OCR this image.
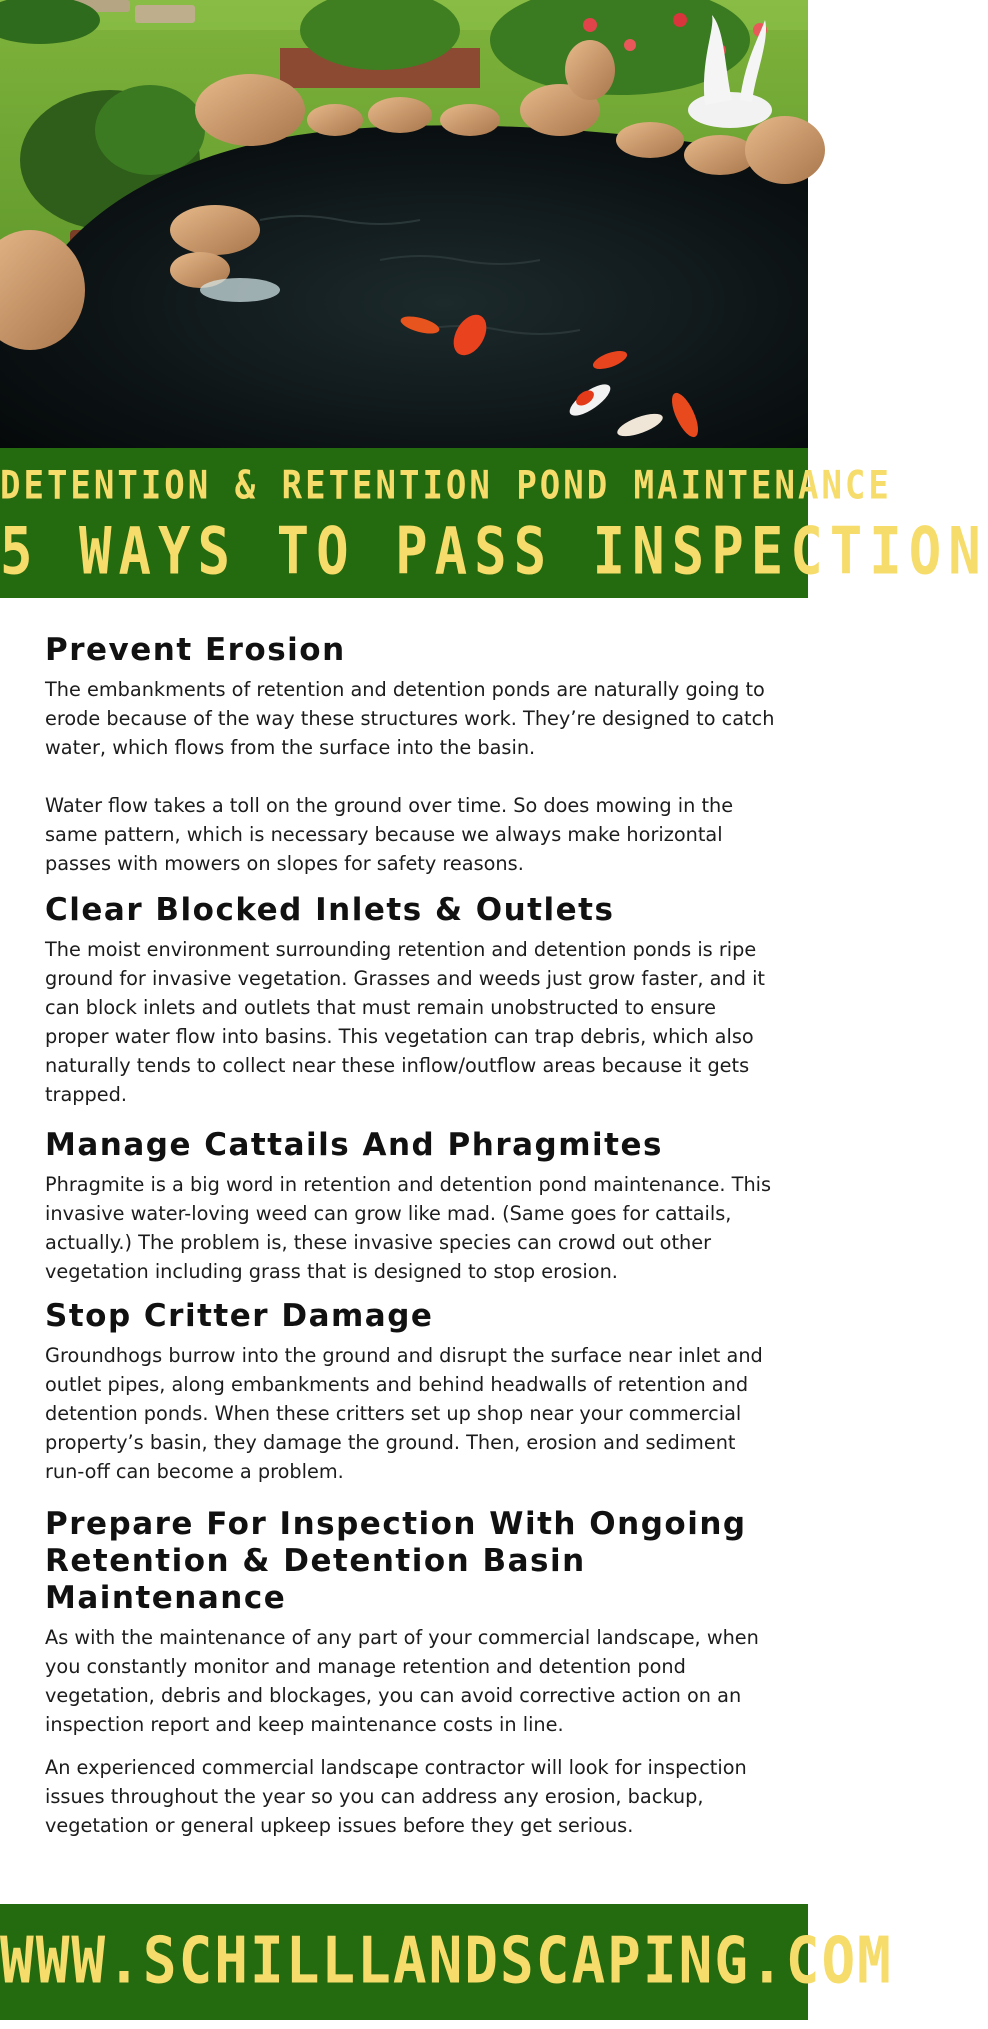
DETENTION & RETENTION POND MAINTENANCE
5 WAYS TO PASS INSPECTION
Prevent Erosion

The embankments of retention and detention ponds are naturally going to erode because of the way these structures work. They’re designed to catch water, which flows from the surface into the basin.

Water flow takes a toll on the ground over time. So does mowing in the same pattern, which is necessary because we always make horizontal passes with mowers on slopes for safety reasons.

Clear Blocked Inlets & Outlets

The moist environment surrounding retention and detention ponds is ripe ground for invasive vegetation. Grasses and weeds just grow faster, and it can block inlets and outlets that must remain unobstructed to ensure proper water flow into basins. This vegetation can trap debris, which also naturally tends to collect near these inflow/outflow areas because it gets trapped.

Manage Cattails And Phragmites

Phragmite is a big word in retention and detention pond maintenance. This invasive water-loving weed can grow like mad. (Same goes for cattails, actually.) The problem is, these invasive species can crowd out other vegetation including grass that is designed to stop erosion.

Stop Critter Damage

Groundhogs burrow into the ground and disrupt the surface near inlet and outlet pipes, along embankments and behind headwalls of retention and detention ponds. When these critters set up shop near your commercial property’s basin, they damage the ground. Then, erosion and sediment run-off can become a problem.

Prepare For Inspection With Ongoing Retention & Detention Basin Maintenance

As with the maintenance of any part of your commercial landscape, when you constantly monitor and manage retention and detention pond vegetation, debris and blockages, you can avoid corrective action on an inspection report and keep maintenance costs in line.

An experienced commercial landscape contractor will look for inspection issues throughout the year so you can address any erosion, backup, vegetation or general upkeep issues before they get serious.

WWW.SCHILLLANDSCAPING.COM
